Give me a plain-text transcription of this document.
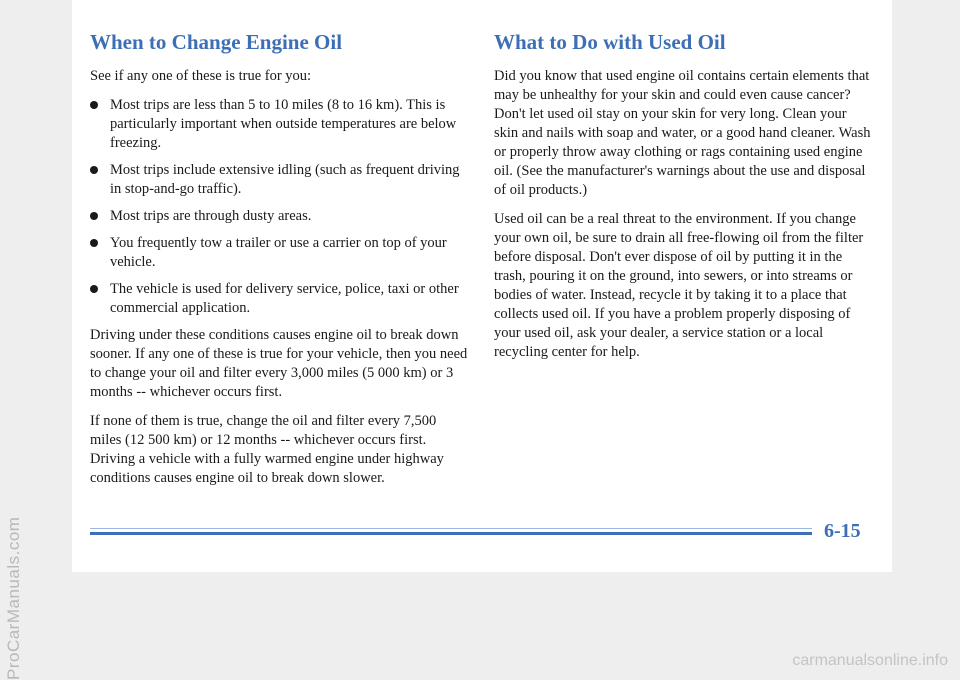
When to Change Engine Oil

See if any one of these is true for you:

Most trips are less than 5 to 10 miles (8 to 16 km). This is particularly important when outside temperatures are below freezing.
Most trips include extensive idling (such as frequent driving in stop-and-go traffic).
Most trips are through dusty areas.
You frequently tow a trailer or use a carrier on top of your vehicle.
The vehicle is used for delivery service, police, taxi or other commercial application.

Driving under these conditions causes engine oil to break down sooner. If any one of these is true for your vehicle, then you need to change your oil and filter every 3,000 miles (5 000 km) or 3 months -- whichever occurs first.

If none of them is true, change the oil and filter every 7,500 miles (12 500 km) or 12 months -- whichever occurs first. Driving a vehicle with a fully warmed engine under highway conditions causes engine oil to break down slower.

What to Do with Used Oil

Did you know that used engine oil contains certain elements that may be unhealthy for your skin and could even cause cancer? Don't let used oil stay on your skin for very long. Clean your skin and nails with soap and water, or a good hand cleaner. Wash or properly throw away clothing or rags containing used engine oil. (See the manufacturer's warnings about the use and disposal of oil products.)

Used oil can be a real threat to the environment. If you change your own oil, be sure to drain all free-flowing oil from the filter before disposal. Don't ever dispose of oil by putting it in the trash, pouring it on the ground, into sewers, or into streams or bodies of water. Instead, recycle it by taking it to a place that collects used oil. If you have a problem properly disposing of your used oil, ask your dealer, a service station or a local recycling center for help.

6-15
ProCarManuals.com	carmanualsonline.info
